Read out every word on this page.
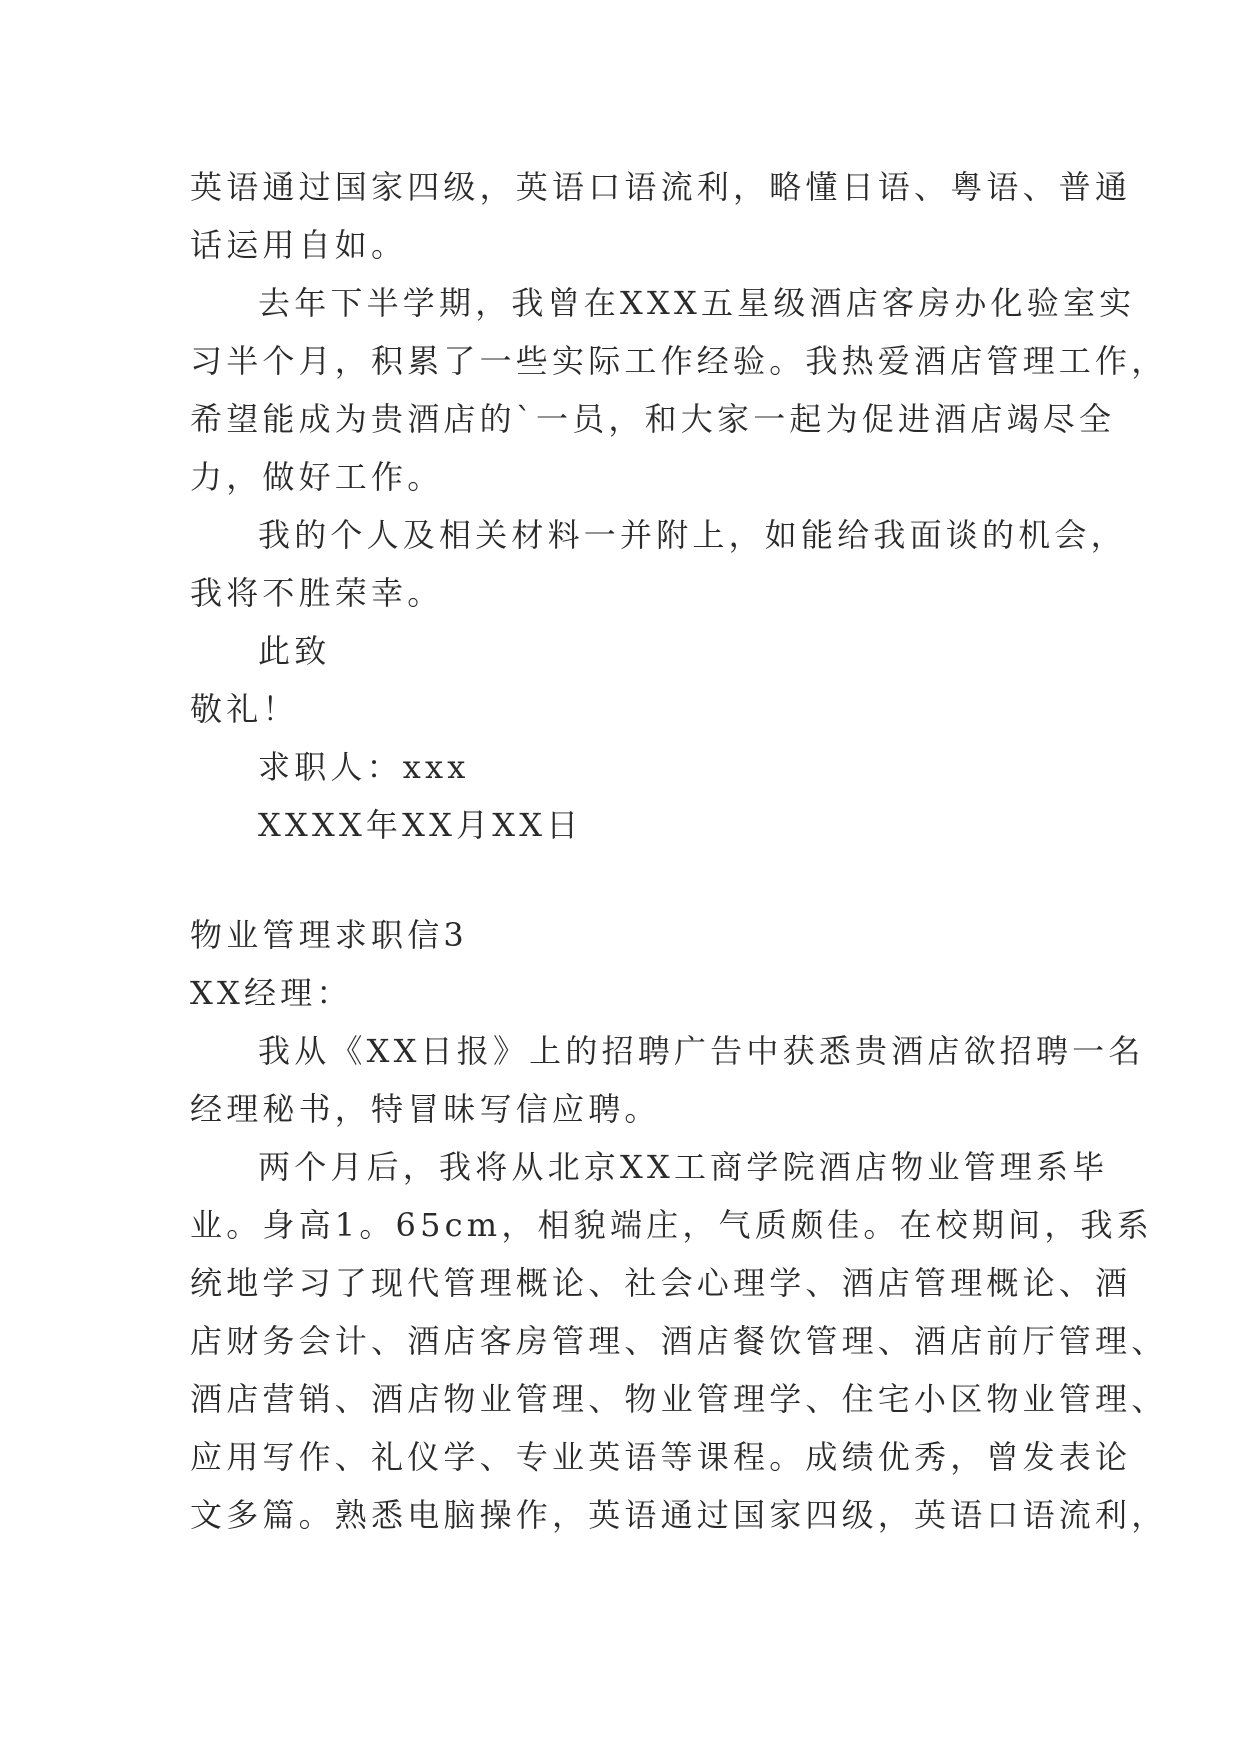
英语通过国家四级，英语口语流利，略懂日语、粤语、普通
话运用自如。
去年下半学期，我曾在XXX五星级酒店客房办化验室实
习半个月，积累了一些实际工作经验。我热爱酒店管理工作，
希望能成为贵酒店的`一员，和大家一起为促进酒店竭尽全
力，做好工作。
我的个人及相关材料一并附上，如能给我面谈的机会，
我将不胜荣幸。
此致
敬礼！
求职人：xxx
XXXX年XX月XX日
物业管理求职信3
XX经理：
我从《XX日报》上的招聘广告中获悉贵酒店欲招聘一名
经理秘书，特冒昧写信应聘。
两个月后，我将从北京XX工商学院酒店物业管理系毕
业。身高1。65cm，相貌端庄，气质颇佳。在校期间，我系
统地学习了现代管理概论、社会心理学、酒店管理概论、酒
店财务会计、酒店客房管理、酒店餐饮管理、酒店前厅管理、
酒店营销、酒店物业管理、物业管理学、住宅小区物业管理、
应用写作、礼仪学、专业英语等课程。成绩优秀，曾发表论
文多篇。熟悉电脑操作，英语通过国家四级，英语口语流利，
